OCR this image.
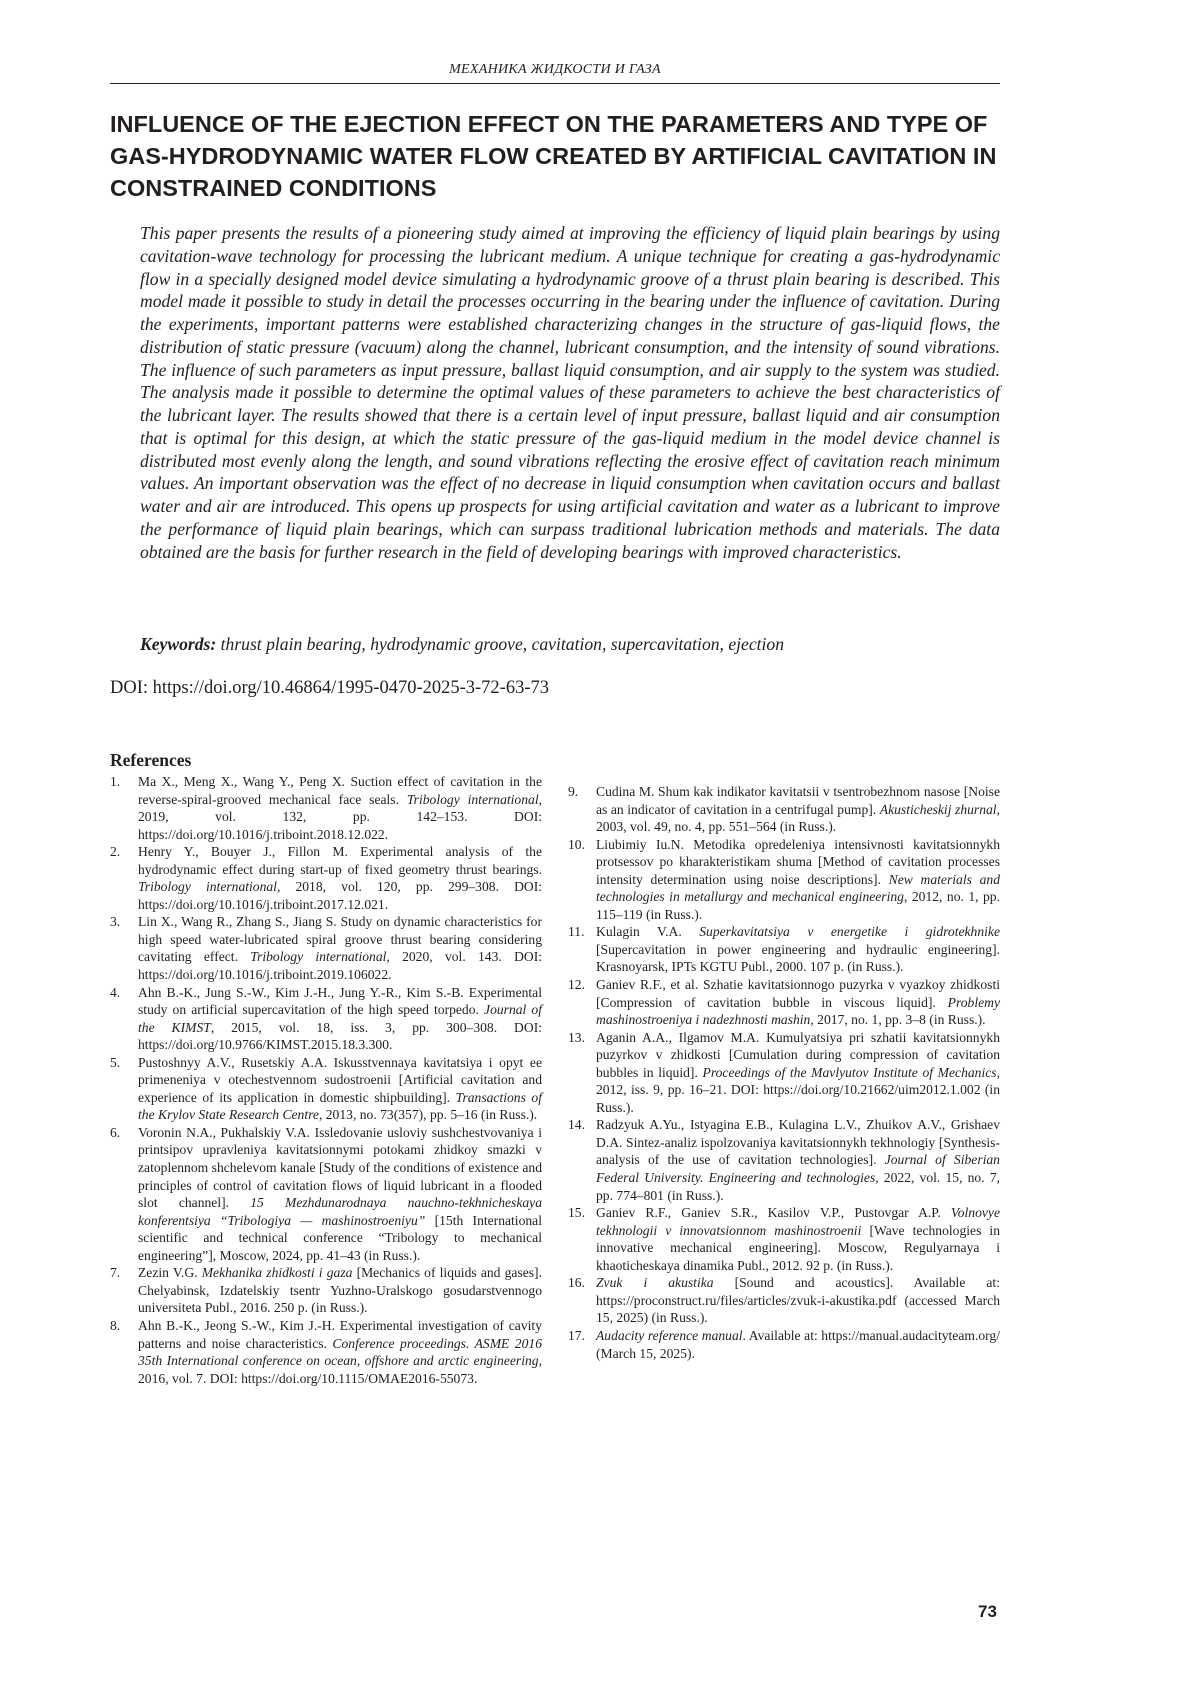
МЕХАНИКА ЖИДКОСТИ И ГАЗА
INFLUENCE OF THE EJECTION EFFECT ON THE PARAMETERS AND TYPE OF GAS-HYDRODYNAMIC WATER FLOW CREATED BY ARTIFICIAL CAVITATION IN CONSTRAINED CONDITIONS

This paper presents the results of a pioneering study aimed at improving the efficiency of liquid plain bearings by using cavitation-wave technology for processing the lubricant medium. A unique technique for creating a gas-hydrodynamic flow in a specially designed model device simulating a hydrodynamic groove of a thrust plain bearing is described. This model made it possible to study in detail the processes occurring in the bearing under the influence of cavitation. During the experiments, important patterns were established characterizing changes in the structure of gas-liquid flows, the distribution of static pressure (vacuum) along the channel, lubricant consumption, and the intensity of sound vibrations. The influence of such parameters as input pressure, ballast liquid consumption, and air supply to the system was studied. The analysis made it possible to determine the optimal values of these parameters to achieve the best characteristics of the lubricant layer. The results showed that there is a certain level of input pressure, ballast liquid and air consumption that is optimal for this design, at which the static pressure of the gas-liquid medium in the model device channel is distributed most evenly along the length, and sound vibrations reflecting the erosive effect of cavitation reach minimum values. An important observation was the effect of no decrease in liquid consumption when cavitation occurs and ballast water and air are introduced. This opens up prospects for using artificial cavitation and water as a lubricant to improve the performance of liquid plain bearings, which can surpass traditional lubrication methods and materials. The data obtained are the basis for further research in the field of developing bearings with improved characteristics.

Keywords: thrust plain bearing, hydrodynamic groove, cavitation, supercavitation, ejection
DOI: https://doi.org/10.46864/1995-0470-2025-3-72-63-73
References
1.	Ma X., Meng X., Wang Y., Peng X. Suction effect of cavitation in the reverse-spiral-grooved mechanical face seals. Tribology international, 2019, vol. 132, pp. 142–153. DOI: https://doi.org/10.1016/j.triboint.2018.12.022.
2.	Henry Y., Bouyer J., Fillon M. Experimental analysis of the hydrodynamic effect during start-up of fixed geometry thrust bearings. Tribology international, 2018, vol. 120, pp. 299–308. DOI: https://doi.org/10.1016/j.triboint.2017.12.021.
3.	Lin X., Wang R., Zhang S., Jiang S. Study on dynamic characteristics for high speed water-lubricated spiral groove thrust bearing considering cavitating effect. Tribology international, 2020, vol. 143. DOI: https://doi.org/10.1016/j.triboint.2019.106022.
4.	Ahn B.-K., Jung S.-W., Kim J.-H., Jung Y.-R., Kim S.-B. Experimental study on artificial supercavitation of the high speed torpedo. Journal of the KIMST, 2015, vol. 18, iss. 3, pp. 300–308. DOI: https://doi.org/10.9766/KIMST.2015.18.3.300.
5.	Pustoshnyy A.V., Rusetskiy A.A. Iskusstvennaya kavitatsiya i opyt ee primeneniya v otechestvennom sudostroenii [Artificial cavitation and experience of its application in domestic shipbuilding]. Transactions of the Krylov State Research Centre, 2013, no. 73(357), pp. 5–16 (in Russ.).
6.	Voronin N.A., Pukhalskiy V.A. Issledovanie usloviy sushchestvovaniya i printsipov upravleniya kavitatsionnymi potokami zhidkoy smazki v zatoplennom shchelevom kanale [Study of the conditions of existence and principles of control of cavitation flows of liquid lubricant in a flooded slot channel]. 15 Mezhdunarodnaya nauchno-tekhnicheskaya konferentsiya “Tribologiya — mashinostroeniyu” [15th International scientific and technical conference “Tribology to mechanical engineering”], Moscow, 2024, pp. 41–43 (in Russ.).
7.	Zezin V.G. Mekhanika zhidkosti i gaza [Mechanics of liquids and gases]. Chelyabinsk, Izdatelskiy tsentr Yuzhno-Uralskogo gosudarstvennogo universiteta Publ., 2016. 250 p. (in Russ.).
8.	Ahn B.-K., Jeong S.-W., Kim J.-H. Experimental investigation of cavity patterns and noise characteristics. Conference proceedings. ASME 2016 35th International conference on ocean, offshore and arctic engineering, 2016, vol. 7. DOI: https://doi.org/10.1115/OMAE2016-55073.
9.	Cudina M. Shum kak indikator kavitatsii v tsentrobezhnom nasose [Noise as an indicator of cavitation in a centrifugal pump]. Akusticheskij zhurnal, 2003, vol. 49, no. 4, pp. 551–564 (in Russ.).
10. Liubimiy Iu.N. Metodika opredeleniya intensivnosti kavitatsionnykh protsessov po kharakteristikam shuma [Method of cavitation processes intensity determination using noise descriptions]. New materials and technologies in metallurgy and mechanical engineering, 2012, no. 1, pp. 115–119 (in Russ.).
11. Kulagin V.A. Superkavitatsiya v energetike i gidrotekhnike [Supercavitation in power engineering and hydraulic engineering]. Krasnoyarsk, IPTs KGTU Publ., 2000. 107 p. (in Russ.).
12. Ganiev R.F., et al. Szhatie kavitatsionnogo puzyrka v vyazkoy zhidkosti [Compression of cavitation bubble in viscous liquid]. Problemy mashinostroeniya i nadezhnosti mashin, 2017, no. 1, pp. 3–8 (in Russ.).
13. Aganin A.A., Ilgamov M.A. Kumulyatsiya pri szhatii kavitatsionnykh puzyrkov v zhidkosti [Cumulation during compression of cavitation bubbles in liquid]. Proceedings of the Mavlyutov Institute of Mechanics, 2012, iss. 9, pp. 16–21. DOI: https://doi.org/10.21662/uim2012.1.002 (in Russ.).
14. Radzyuk A.Yu., Istyagina E.B., Kulagina L.V., Zhuikov A.V., Grishaev D.A. Sintez-analiz ispolzovaniya kavitatsionnykh tekhnologiy [Synthesis-analysis of the use of cavitation technologies]. Journal of Siberian Federal University. Engineering and technologies, 2022, vol. 15, no. 7, pp. 774–801 (in Russ.).
15. Ganiev R.F., Ganiev S.R., Kasilov V.P., Pustovgar A.P. Volnovye tekhnologii v innovatsionnom mashinostroenii [Wave technologies in innovative mechanical engineering]. Moscow, Regulyarnaya i khaoticheskaya dinamika Publ., 2012. 92 p. (in Russ.).
16. Zvuk i akustika [Sound and acoustics]. Available at: https://proconstruct.ru/files/articles/zvuk-i-akustika.pdf (accessed March 15, 2025) (in Russ.).
17. Audacity reference manual. Available at: https://manual.audacityteam.org/ (March 15, 2025).
73
